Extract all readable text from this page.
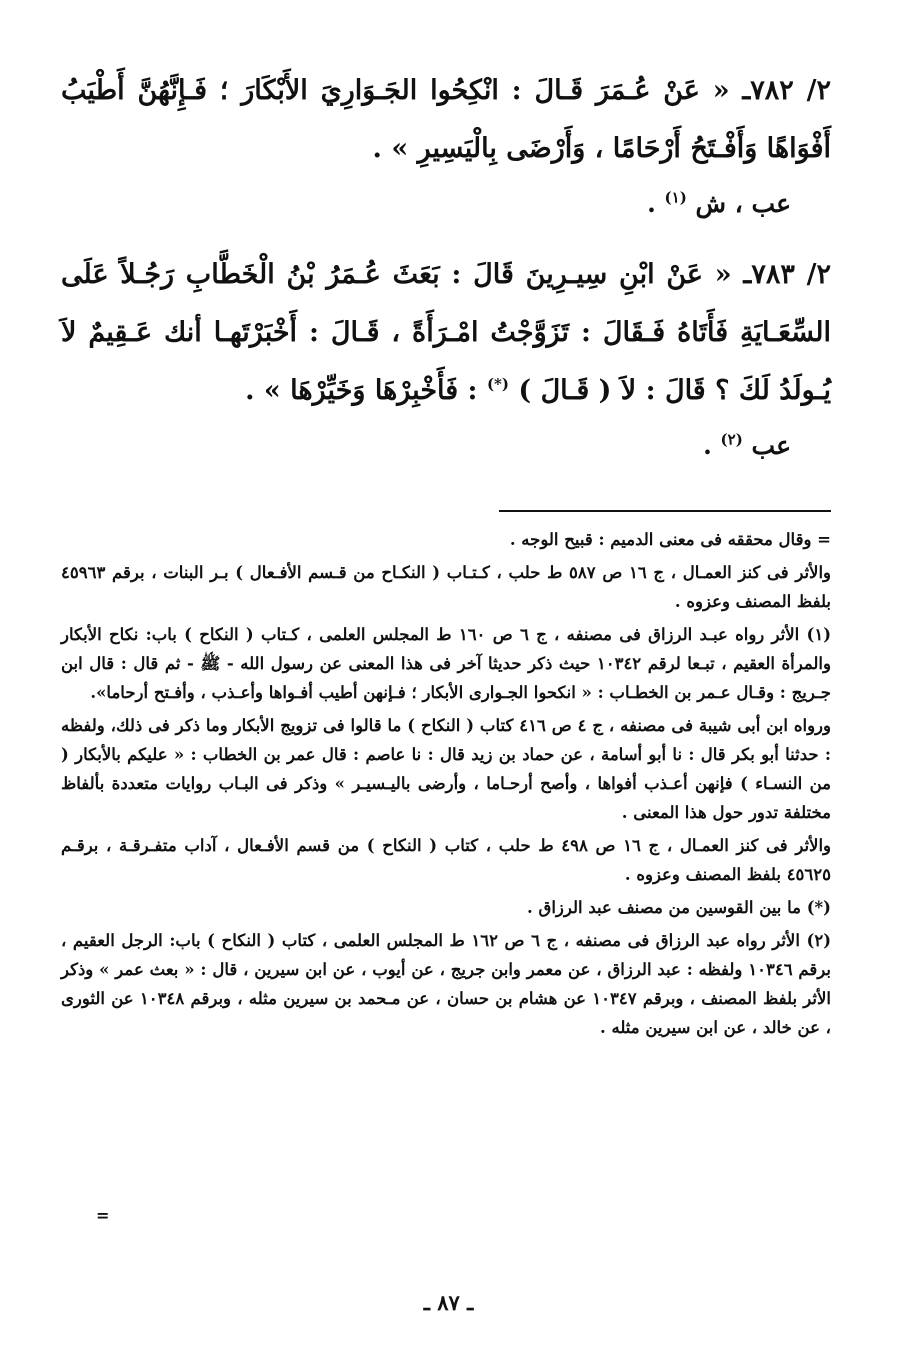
٢/ ٧٨٢ـ « عَنْ عُـمَرَ قَـالَ : انْكِحُوا الجَـوَارِيَ الأَبْكَارَ ؛ فَـإِنَّهُنَّ أَطْيَبُ أَفْوَاهًا وَأَفْـتَحُ أَرْحَامًا ، وَأَرْضَى بِالْيَسِيرِ » .

عب ، ش $^{(١)}$ .

٢/ ٧٨٣ـ « عَنْ ابْنِ سِيـرِينَ قَالَ : بَعَثَ عُـمَرُ بْنُ الْخَطَّابِ رَجُـلاً عَلَى السِّعَـايَةِ فَأَتَاهُ فَـقَالَ : تَزَوَّجْتُ امْـرَأَةً ، قَـالَ : أَخْبَرْتَهـا أنك عَـقِيمٌ لاَ يُـولَدُ لَكَ ؟ قَالَ : لاَ ( قَـالَ ) (*) : فَأَخْبِرْهَا وَخَيِّرْهَا » .

عب $^{(٢)}$ .

= وقال محققه فى معنى الدميم : قبيح الوجه .

والأثر فى كنز العمـال ، ج ١٦ ص ٥٨٧ ط حلب ، كـتـاب ( النكـاح من قـسم الأفـعال ) بـر البنات ، برقم ٤٥٩٦٣ بلفظ المصنف وعزوه .

(١) الأثر رواه عبـد الرزاق فى مصنفه ، ج ٦ ص ١٦٠ ط المجلس العلمى ، كـتاب ( النكاح ) باب: نكاح الأبكار والمرأة العقيم ، تبـعا لرقم ١٠٣٤٢ حيث ذكر حديثا آخر فى هذا المعنى عن رسول الله - ﷺ - ثم قال : قال ابن جـريج : وقـال عـمر بن الخطـاب : « انكحوا الجـوارى الأبكار ؛ فـإنهن أطيب أفـواها وأعـذب ، وأفـتح أرحاما».

ورواه ابن أبى شيبة فى مصنفه ، ج ٤ ص ٤١٦ كتاب ( النكاح ) ما قالوا فى تزويج الأبكار وما ذكر فى ذلك، ولفظه : حدثنا أبو بكر قال : نا أبو أسامة ، عن حماد بن زيد قال : نا عاصم : قال عمر بن الخطاب : « عليكم بالأبكار ( من النسـاء ) فإنهن أعـذب أفواها ، وأصح أرحـاما ، وأرضى باليـسيـر » وذكر فى البـاب روايات متعددة بألفاظ مختلفة تدور حول هذا المعنى .

والأثر فى كنز العمـال ، ج ١٦ ص ٤٩٨ ط حلب ، كتاب ( النكاح ) من قسم الأفـعال ، آداب متفـرقـة ، برقـم ٤٥٦٢٥ بلفظ المصنف وعزوه .

(*) ما بين القوسين من مصنف عبد الرزاق .

(٢) الأثر رواه عبد الرزاق فى مصنفه ، ج ٦ ص ١٦٢ ط المجلس العلمى ، كتاب ( النكاح ) باب: الرجل العقيم ، برقم ١٠٣٤٦ ولفظه : عبد الرزاق ، عن معمر وابن جريج ، عن أيوب ، عن ابن سيرين ، قال : « بعث عمر » وذكر الأثر بلفظ المصنف ، وبرقم ١٠٣٤٧ عن هشام بن حسان ، عن مـحمد بن سيرين مثله ، وبرقم ١٠٣٤٨ عن الثورى ، عن خالد ، عن ابن سيرين مثله .

=
ـ ٨٧ ـ
